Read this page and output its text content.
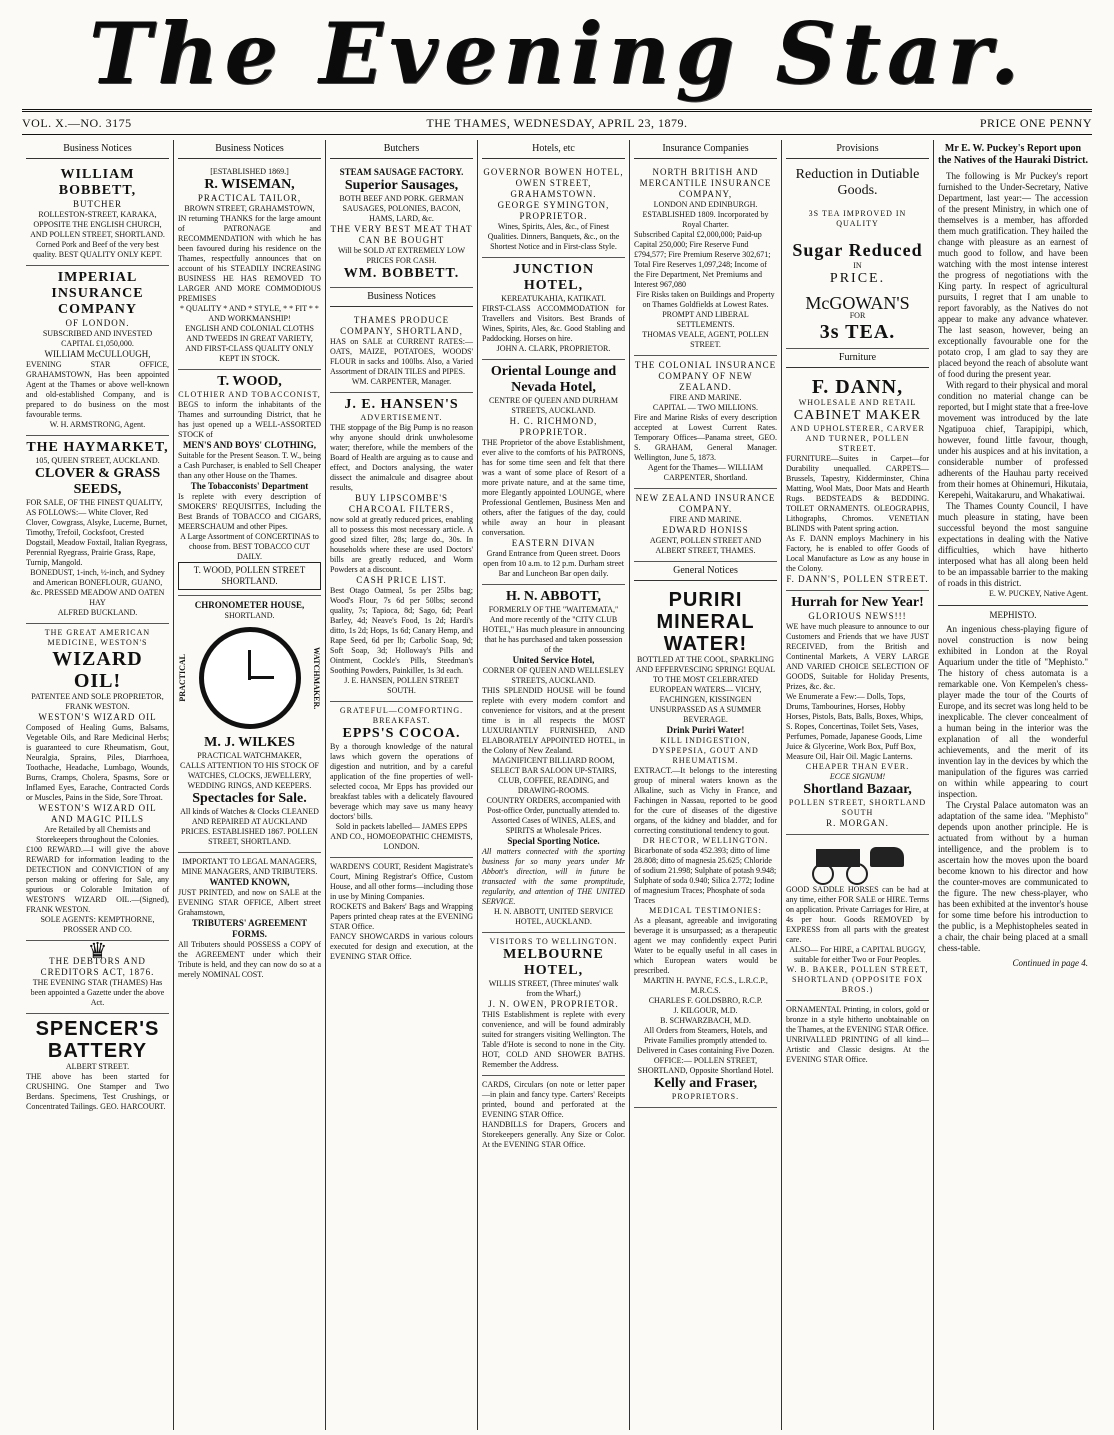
The Evening Star.
VOL. X.—NO. 3175	THE THAMES, WEDNESDAY, APRIL 23, 1879.	PRICE ONE PENNY
Business Notices
WILLIAM BOBBETT,
BUTCHER
ROLLESTON-STREET, KARAKA, OPPOSITE THE ENGLISH CHURCH, AND POLLEN STREET, SHORTLAND.
Corned Pork and Beef of the very best quality. BEST QUALITY ONLY KEPT.
IMPERIAL INSURANCE COMPANY
OF LONDON.
SUBSCRIBED AND INVESTED CAPITAL £1,050,000.
WILLIAM McCULLOUGH,
EVENING STAR OFFICE, GRAHAMSTOWN, Has been appointed Agent at the Thames or above well-known and old-established Company, and is prepared to do business on the most favourable terms.
W. H. ARMSTRONG, Agent.
THE HAYMARKET,
105, QUEEN STREET, AUCKLAND.
CLOVER & GRASS SEEDS,
FOR SALE, OF THE FINEST QUALITY, AS FOLLOWS:— White Clover, Red Clover, Cowgrass, Alsyke, Lucerne, Burnet, Timothy, Trefoil, Cocksfoot, Crested Dogstail, Meadow Foxtail, Italian Ryegrass, Perennial Ryegrass, Prairie Grass, Rape, Turnip, Mangold.
BONEDUST, 1-inch, ½-inch, and Sydney and American BONEFLOUR, GUANO, &c. PRESSED MEADOW AND OATEN HAY
ALFRED BUCKLAND.
THE GREAT AMERICAN MEDICINE, WESTON'S
WIZARD OIL!
PATENTEE AND SOLE PROPRIETOR, FRANK WESTON.
WESTON'S WIZARD OIL
Composed of Healing Gums, Balsams, Vegetable Oils, and Rare Medicinal Herbs; is guaranteed to cure Rheumatism, Gout, Neuralgia, Sprains, Piles, Diarrhoea, Toothache, Headache, Lumbago, Wounds, Burns, Cramps, Cholera, Spasms, Sore or Inflamed Eyes, Earache, Contracted Cords or Muscles, Pains in the Side, Sore Throat.
WESTON'S WIZARD OIL AND MAGIC PILLS
Are Retailed by all Chemists and Storekeepers throughout the Colonies.
£100 REWARD.—I will give the above REWARD for information leading to the DETECTION and CONVICTION of any person making or offering for Sale, any spurious or Colorable Imitation of WESTON'S WIZARD OIL.—(Signed), FRANK WESTON.
SOLE AGENTS: KEMPTHORNE, PROSSER AND CO.
♛
THE DEBTORS AND CREDITORS ACT, 1876.
THE EVENING STAR (THAMES) Has been appointed a Gazette under the above Act.
SPENCER'S BATTERY
ALBERT STREET.
THE above has been started for CRUSHING. One Stamper and Two Berdans. Specimens, Test Crushings, or Concentrated Tailings. GEO. HARCOURT.
Business Notices
[ESTABLISHED 1869.]
R. WISEMAN,
PRACTICAL TAILOR,
BROWN STREET, GRAHAMSTOWN,
IN returning THANKS for the large amount of PATRONAGE and RECOMMENDATION with which he has been favoured during his residence on the Thames, respectfully announces that on account of his STEADILY INCREASING BUSINESS HE HAS REMOVED TO LARGER AND MORE COMMODIOUS PREMISES
* QUALITY * AND * STYLE, * * FIT * * AND WORKMANSHIP!
ENGLISH AND COLONIAL CLOTHS AND TWEEDS IN GREAT VARIETY, AND FIRST-CLASS QUALITY ONLY KEPT IN STOCK.
T. WOOD,
CLOTHIER AND TOBACCONIST,
BEGS to inform the inhabitants of the Thames and surrounding District, that he has just opened up a WELL-ASSORTED STOCK of
MEN'S AND BOYS' CLOTHING,
Suitable for the Present Season. T. W., being a Cash Purchaser, is enabled to Sell Cheaper than any other House on the Thames.
The Tobacconists' Department
Is replete with every description of SMOKERS' REQUISITES, Including the Best Brands of TOBACCO and CIGARS, MEERSCHAUM and other Pipes.
A Large Assortment of CONCERTINAS to choose from. BEST TOBACCO CUT DAILY.
T. WOOD, POLLEN STREET SHORTLAND.
CHRONOMETER HOUSE,
SHORTLAND.
PRACTICAL	WATCHMAKER.
M. J. WILKES
PRACTICAL WATCHMAKER,
CALLS ATTENTION TO HIS STOCK OF WATCHES, CLOCKS, JEWELLERY, WEDDING RINGS, AND KEEPERS.
Spectacles for Sale.
All kinds of Watches & Clocks CLEANED AND REPAIRED AT AUCKLAND PRICES. ESTABLISHED 1867. POLLEN STREET, SHORTLAND.
IMPORTANT TO LEGAL MANAGERS, MINE MANAGERS, AND TRIBUTERS.
WANTED KNOWN,
JUST PRINTED, and now on SALE at the EVENING STAR OFFICE, Albert street Grahamstown,
TRIBUTERS' AGREEMENT FORMS.
All Tributers should POSSESS a COPY of the AGREEMENT under which their Tribute is held, and they can now do so at a merely NOMINAL COST.
Butchers
STEAM SAUSAGE FACTORY.
Superior Sausages,
BOTH BEEF AND PORK. GERMAN SAUSAGES, POLONIES, BACON, HAMS, LARD, &c.
THE VERY BEST MEAT THAT CAN BE BOUGHT
Will be SOLD AT EXTREMELY LOW PRICES FOR CASH.
WM. BOBBETT.
Business Notices
THAMES PRODUCE COMPANY, SHORTLAND,
HAS on SALE at CURRENT RATES:— OATS, MAIZE, POTATOES, WOODS' FLOUR in sacks and 100lbs. Also, a Varied Assortment of DRAIN TILES and PIPES.
WM. CARPENTER, Manager.
J. E. HANSEN'S
ADVERTISEMENT.
THE stoppage of the Big Pump is no reason why anyone should drink unwholesome water; therefore, while the members of the Board of Health are arguing as to cause and effect, and Doctors analysing, the water dissect the animalcule and disagree about results,
BUY LIPSCOMBE'S CHARCOAL FILTERS,
now sold at greatly reduced prices, enabling all to possess this most necessary article. A good sized filter, 28s; large do., 30s. In households where these are used Doctors' bills are greatly reduced, and Worm Powders at a discount.
CASH PRICE LIST.
Best Otago Oatmeal, 5s per 25lbs bag; Wood's Flour, 7s 6d per 50lbs; second quality, 7s; Tapioca, 8d; Sago, 6d; Pearl Barley, 4d; Neave's Food, 1s 2d; Hardi's ditto, 1s 2d; Hops, 1s 6d; Canary Hemp, and Rape Seed, 6d per lb; Carbolic Soap, 9d; Soft Soap, 3d; Holloway's Pills and Ointment, Cockle's Pills, Steedman's Soothing Powders, Painkiller, 1s 3d each.
J. E. HANSEN, POLLEN STREET SOUTH.
GRATEFUL—COMFORTING.
BREAKFAST.
EPPS'S COCOA.
By a thorough knowledge of the natural laws which govern the operations of digestion and nutrition, and by a careful application of the fine properties of well-selected cocoa, Mr Epps has provided our breakfast tables with a delicately flavoured beverage which may save us many heavy doctors' bills.
Sold in packets labelled— JAMES EPPS AND CO., HOMOEOPATHIC CHEMISTS, LONDON.
WARDEN'S COURT, Resident Magistrate's Court, Mining Registrar's Office, Custom House, and all other forms—including those in use by Mining Companies.
ROCKETS and Bakers' Bags and Wrapping Papers printed cheap rates at the EVENING STAR Office.
FANCY SHOWCARDS in various colours executed for design and execution, at the EVENING STAR Office.
Hotels, etc
GOVERNOR BOWEN HOTEL, OWEN STREET, GRAHAMSTOWN.
GEORGE SYMINGTON, PROPRIETOR.
Wines, Spirits, Ales, &c., of Finest Qualities. Dinners, Banquets, &c., on the Shortest Notice and in First-class Style.
JUNCTION HOTEL,
KEREATUKAHIA, KATIKATI.
FIRST-CLASS ACCOMMODATION for Travellers and Visitors. Best Brands of Wines, Spirits, Ales, &c. Good Stabling and Paddocking. Horses on hire.
JOHN A. CLARK, PROPRIETOR.
Oriental Lounge and Nevada Hotel,
CENTRE OF QUEEN AND DURHAM STREETS, AUCKLAND.
H. C. RICHMOND, PROPRIETOR.
THE Proprietor of the above Establishment, ever alive to the comforts of his PATRONS, has for some time seen and felt that there was a want of some place of Resort of a more private nature, and at the same time, more Elegantly appointed LOUNGE, where Professional Gentlemen, Business Men and others, after the fatigues of the day, could while away an hour in pleasant conversation.
EASTERN DIVAN
Grand Entrance from Queen street. Doors open from 10 a.m. to 12 p.m. Durham street Bar and Luncheon Bar open daily.
H. N. ABBOTT,
FORMERLY OF THE "WAITEMATA," And more recently of the "CITY CLUB HOTEL," Has much pleasure in announcing that he has purchased and taken possession of the
United Service Hotel,
CORNER OF QUEEN AND WELLESLEY STREETS, AUCKLAND.
THIS SPLENDID HOUSE will be found replete with every modern comfort and convenience for visitors, and at the present time is in all respects the MOST LUXURIANTLY FURNISHED, AND ELABORATELY APPOINTED HOTEL, in the Colony of New Zealand.
MAGNIFICENT BILLIARD ROOM, SELECT BAR SALOON UP-STAIRS, CLUB, COFFEE, READING, and DRAWING-ROOMS.
COUNTRY ORDERS, accompanied with Post-office Order, punctually attended to. Assorted Cases of WINES, ALES, and SPIRITS at Wholesale Prices.
Special Sporting Notice.
All matters connected with the sporting business for so many years under Mr Abbott's direction, will in future be transacted with the same promptitude, regularity, and attention of THE UNITED SERVICE.
H. N. ABBOTT, UNITED SERVICE HOTEL, AUCKLAND.
VISITORS TO WELLINGTON.
MELBOURNE HOTEL,
WILLIS STREET, (Three minutes' walk from the Wharf,)
J. N. OWEN, PROPRIETOR.
THIS Establishment is replete with every convenience, and will be found admirably suited for strangers visiting Wellington. The Table d'Hote is second to none in the City. HOT, COLD AND SHOWER BATHS. Remember the Address.
CARDS, Circulars (on note or letter paper—in plain and fancy type. Carters' Receipts printed, bound and perforated at the EVENING STAR Office.
HANDBILLS for Drapers, Grocers and Storekeepers generally. Any Size or Color. At the EVENING STAR Office.
Insurance Companies
NORTH BRITISH AND MERCANTILE INSURANCE COMPANY,
LONDON AND EDINBURGH.
ESTABLISHED 1809. Incorporated by Royal Charter.
Subscribed Capital £2,000,000; Paid-up Capital 250,000; Fire Reserve Fund £794,577; Fire Premium Reserve 302,671; Total Fire Reserves 1,097,248; Income of the Fire Department, Net Premiums and Interest 967,080
Fire Risks taken on Buildings and Property on Thames Goldfields at Lowest Rates. PROMPT AND LIBERAL SETTLEMENTS.
THOMAS VEALE, AGENT, POLLEN STREET.
THE COLONIAL INSURANCE COMPANY OF NEW ZEALAND.
FIRE AND MARINE.
CAPITAL — TWO MILLIONS.
Fire and Marine Risks of every description accepted at Lowest Current Rates. Temporary Offices—Panama street, GEO. S. GRAHAM, General Manager. Wellington, June 5, 1873.
Agent for the Thames— WILLIAM CARPENTER, Shortland.
NEW ZEALAND INSURANCE COMPANY.
FIRE AND MARINE.
EDWARD HONISS
AGENT, POLLEN STREET AND ALBERT STREET, THAMES.
General Notices
PURIRI MINERAL WATER!
BOTTLED AT THE COOL, SPARKLING AND EFFERVESCING SPRING! EQUAL TO THE MOST CELEBRATED EUROPEAN WATERS— VICHY, FACHINGEN, KISSINGEN UNSURPASSED AS A SUMMER BEVERAGE.
Drink Puriri Water!
KILL INDIGESTION, DYSPEPSIA, GOUT AND RHEUMATISM.
EXTRACT.—It belongs to the interesting group of mineral waters known as the Alkaline, such as Vichy in France, and Fachingen in Nassau, reported to be good for the cure of diseases of the digestive organs, of the kidney and bladder, and for correcting constitutional tendency to gout.
DR HECTOR, WELLINGTON.
Bicarbonate of soda 452.393; ditto of lime 28.808; ditto of magnesia 25.625; Chloride of sodium 21.998; Sulphate of potash 9.948; Sulphate of soda 0.940; Silica 2.772; Iodine of magnesium Traces; Phosphate of soda Traces
MEDICAL TESTIMONIES:
As a pleasant, agreeable and invigorating beverage it is unsurpassed; as a therapeutic agent we may confidently expect Puriri Water to be equally useful in all cases in which European waters would be prescribed.
MARTIN H. PAYNE, F.C.S., L.R.C.P., M.R.C.S.
CHARLES F. GOLDSBRO, R.C.P.
J. KILGOUR, M.D.
B. SCHWARZBACH, M.D.
All Orders from Steamers, Hotels, and Private Families promptly attended to. Delivered in Cases containing Five Dozen.
OFFICE:— POLLEN STREET, SHORTLAND, Opposite Shortland Hotel.
Kelly and Fraser,
PROPRIETORS.
Provisions
Reduction in Dutiable Goods.
3S TEA IMPROVED IN QUALITY
Sugar Reduced
IN
PRICE.
McGOWAN'S
FOR
3s TEA.
Furniture
F. DANN,
WHOLESALE AND RETAIL
CABINET MAKER
AND UPHOLSTERER, CARVER AND TURNER, POLLEN STREET.
FURNITURE—Suites in Carpet—for Durability unequalled. CARPETS—Brussels, Tapestry, Kidderminster, China Matting, Wool Mats, Door Mats and Hearth Rugs. BEDSTEADS & BEDDING. TOILET ORNAMENTS. OLEOGRAPHS, Lithographs, Chromos. VENETIAN BLINDS with Patent spring action.
As F. DANN employs Machinery in his Factory, he is enabled to offer Goods of Local Manufacture as Low as any house in the Colony.
F. DANN'S, POLLEN STREET.
Hurrah for New Year!
GLORIOUS NEWS!!!
WE have much pleasure to announce to our Customers and Friends that we have JUST RECEIVED, from the British and Continental Markets, A VERY LARGE AND VARIED CHOICE SELECTION OF GOODS, Suitable for Holiday Presents, Prizes, &c. &c.
We Enumerate a Few:— Dolls, Tops, Drums, Tambourines, Horses, Hobby Horses, Pistols, Bats, Balls, Boxes, Whips, S. Ropes, Concertinas, Toilet Sets, Vases, Perfumes, Pomade, Japanese Goods, Lime Juice & Glycerine, Work Box, Puff Box, Measure Oil, Hair Oil. Magic Lanterns.
CHEAPER THAN EVER.
ECCE SIGNUM!
Shortland Bazaar,
POLLEN STREET, SHORTLAND SOUTH
R. MORGAN.
GOOD SADDLE HORSES can be had at any time, either FOR SALE or HIRE. Terms on application. Private Carriages for Hire, at 4s per hour. Goods REMOVED by EXPRESS from all parts with the greatest care.
ALSO— For HIRE, a CAPITAL BUGGY, suitable for either Two or Four Peoples.
W. B. BAKER, POLLEN STREET, SHORTLAND (OPPOSITE FOX BROS.)
ORNAMENTAL Printing, in colors, gold or bronze in a style hitherto unobtainable on the Thames, at the EVENING STAR Office.
UNRIVALLED PRINTING of all kind—Artistic and Classic designs. At the EVENING STAR Office.
Mr E. W. Puckey's Report upon the Natives of the Hauraki District.
The following is Mr Puckey's report furnished to the Under-Secretary, Native Department, last year:— The accession of the present Ministry, in which one of themselves is a member, has afforded them much gratification. They hailed the change with pleasure as an earnest of much good to follow, and have been watching with the most intense interest the progress of negotiations with the King party. In respect of agricultural pursuits, I regret that I am unable to report favorably, as the Natives do not appear to make any advance whatever. The last season, however, being an exceptionally favourable one for the potato crop, I am glad to say they are placed beyond the reach of absolute want of food during the present year.
With regard to their physical and moral condition no material change can be reported, but I might state that a free-love movement was introduced by the late Ngatipuoa chief, Tarapipipi, which, however, found little favour, though, under his auspices and at his invitation, a considerable number of professed adherents of the Hauhau party received from their homes at Ohinemuri, Hikutaia, Kerepehi, Waitakaruru, and Whakatiwai.
The Thames County Council, I have much pleasure in stating, have been successful beyond the most sanguine expectations in dealing with the Native difficulties, which have hitherto interposed what has all along been held to be an impassable barrier to the making of roads in this district.
E. W. PUCKEY, Native Agent.
MEPHISTO.
An ingenious chess-playing figure of novel construction is now being exhibited in London at the Royal Aquarium under the title of "Mephisto." The history of chess automata is a remarkable one. Von Kempelen's chess-player made the tour of the Courts of Europe, and its secret was long held to be inexplicable. The clever concealment of a human being in the interior was the explanation of all the wonderful achievements, and the merit of its invention lay in the devices by which the manipulation of the figures was carried on within while appearing to court inspection.
The Crystal Palace automaton was an adaptation of the same idea. "Mephisto" depends upon another principle. He is actuated from without by a human intelligence, and the problem is to ascertain how the moves upon the board become known to his director and how the counter-moves are communicated to the figure. The new chess-player, who has been exhibited at the inventor's house for some time before his introduction to the public, is a Mephistopheles seated in a chair, the chair being placed at a small chess-table.
Continued in page 4.
